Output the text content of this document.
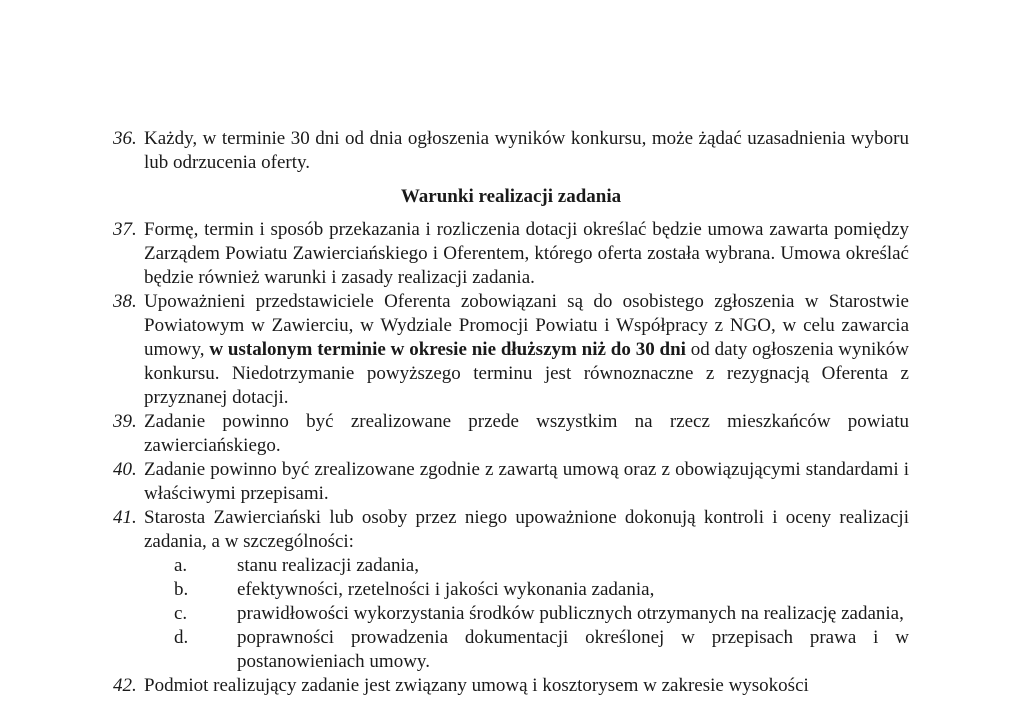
36. Każdy, w terminie 30 dni od dnia ogłoszenia wyników konkursu, może żądać uzasadnienia wyboru lub odrzucenia oferty.
Warunki realizacji zadania
37. Formę, termin i sposób przekazania i rozliczenia dotacji określać będzie umowa zawarta pomiędzy Zarządem Powiatu Zawierciańskiego i Oferentem, którego oferta została wybrana. Umowa określać będzie również warunki i zasady realizacji zadania.
38. Upoważnieni przedstawiciele Oferenta zobowiązani są do osobistego zgłoszenia w Starostwie Powiatowym w Zawierciu, w Wydziale Promocji Powiatu i Współpracy z NGO, w celu zawarcia umowy, w ustalonym terminie w okresie nie dłuższym niż do 30 dni od daty ogłoszenia wyników konkursu. Niedotrzymanie powyższego terminu jest równoznaczne z rezygnacją Oferenta z przyznanej dotacji.
39. Zadanie powinno być zrealizowane przede wszystkim na rzecz mieszkańców powiatu zawierciańskiego.
40. Zadanie powinno być zrealizowane zgodnie z zawartą umową oraz z obowiązującymi standardami i właściwymi przepisami.
41. Starosta Zawierciański lub osoby przez niego upoważnione dokonują kontroli i oceny realizacji zadania, a w szczególności:
a.	stanu realizacji zadania,
b.	efektywności, rzetelności i jakości wykonania zadania,
c.	prawidłowości wykorzystania środków publicznych otrzymanych na realizację zadania,
d.	poprawności prowadzenia dokumentacji określonej w przepisach prawa i w postanowieniach umowy.
42. Podmiot realizujący zadanie jest związany umową i kosztorysem w zakresie wysokości
